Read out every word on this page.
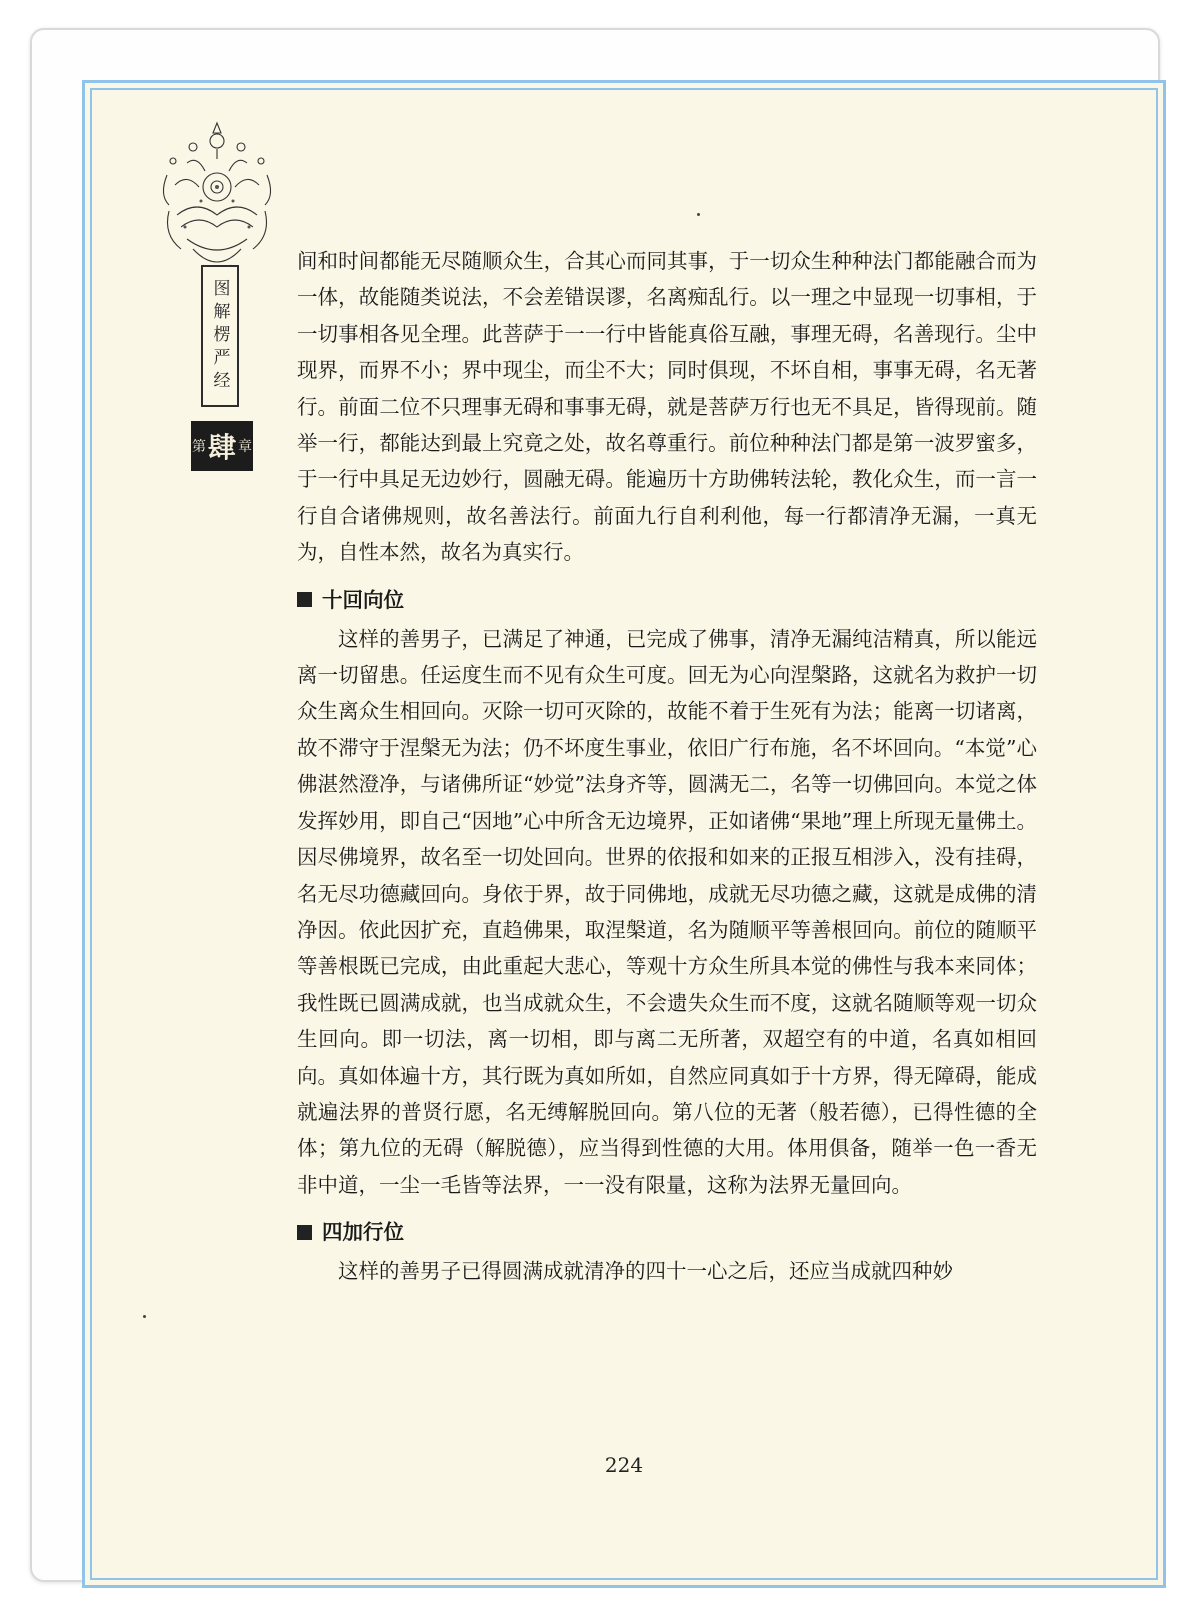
图解楞严经
第 肆 章

间和时间都能无尽随顺众生，合其心而同其事，于一切众生种种法门都能融合而为一体，故能随类说法，不会差错误谬，名离痴乱行。以一理之中显现一切事相，于一切事相各见全理。此菩萨于一一行中皆能真俗互融，事理无碍，名善现行。尘中现界，而界不小；界中现尘，而尘不大；同时俱现，不坏自相，事事无碍，名无著行。前面二位不只理事无碍和事事无碍，就是菩萨万行也无不具足，皆得现前。随举一行，都能达到最上究竟之处，故名尊重行。前位种种法门都是第一波罗蜜多，于一行中具足无边妙行，圆融无碍。能遍历十方助佛转法轮，教化众生，而一言一行自合诸佛规则，故名善法行。前面九行自利利他，每一行都清净无漏，一真无为，自性本然，故名为真实行。

十回向位

这样的善男子，已满足了神通，已完成了佛事，清净无漏纯洁精真，所以能远离一切留患。任运度生而不见有众生可度。回无为心向涅槃路，这就名为救护一切众生离众生相回向。灭除一切可灭除的，故能不着于生死有为法；能离一切诸离，故不滞守于涅槃无为法；仍不坏度生事业，依旧广行布施，名不坏回向。“本觉”心佛湛然澄净，与诸佛所证“妙觉”法身齐等，圆满无二，名等一切佛回向。本觉之体发挥妙用，即自己“因地”心中所含无边境界，正如诸佛“果地”理上所现无量佛土。因尽佛境界，故名至一切处回向。世界的依报和如来的正报互相涉入，没有挂碍，名无尽功德藏回向。身依于界，故于同佛地，成就无尽功德之藏，这就是成佛的清净因。依此因扩充，直趋佛果，取涅槃道，名为随顺平等善根回向。前位的随顺平等善根既已完成，由此重起大悲心，等观十方众生所具本觉的佛性与我本来同体；我性既已圆满成就，也当成就众生，不会遗失众生而不度，这就名随顺等观一切众生回向。即一切法，离一切相，即与离二无所著，双超空有的中道，名真如相回向。真如体遍十方，其行既为真如所如，自然应同真如于十方界，得无障碍，能成就遍法界的普贤行愿，名无缚解脱回向。第八位的无著（般若德），已得性德的全体；第九位的无碍（解脱德），应当得到性德的大用。体用俱备，随举一色一香无非中道，一尘一毛皆等法界，一一没有限量，这称为法界无量回向。

四加行位

这样的善男子已得圆满成就清净的四十一心之后，还应当成就四种妙

224
